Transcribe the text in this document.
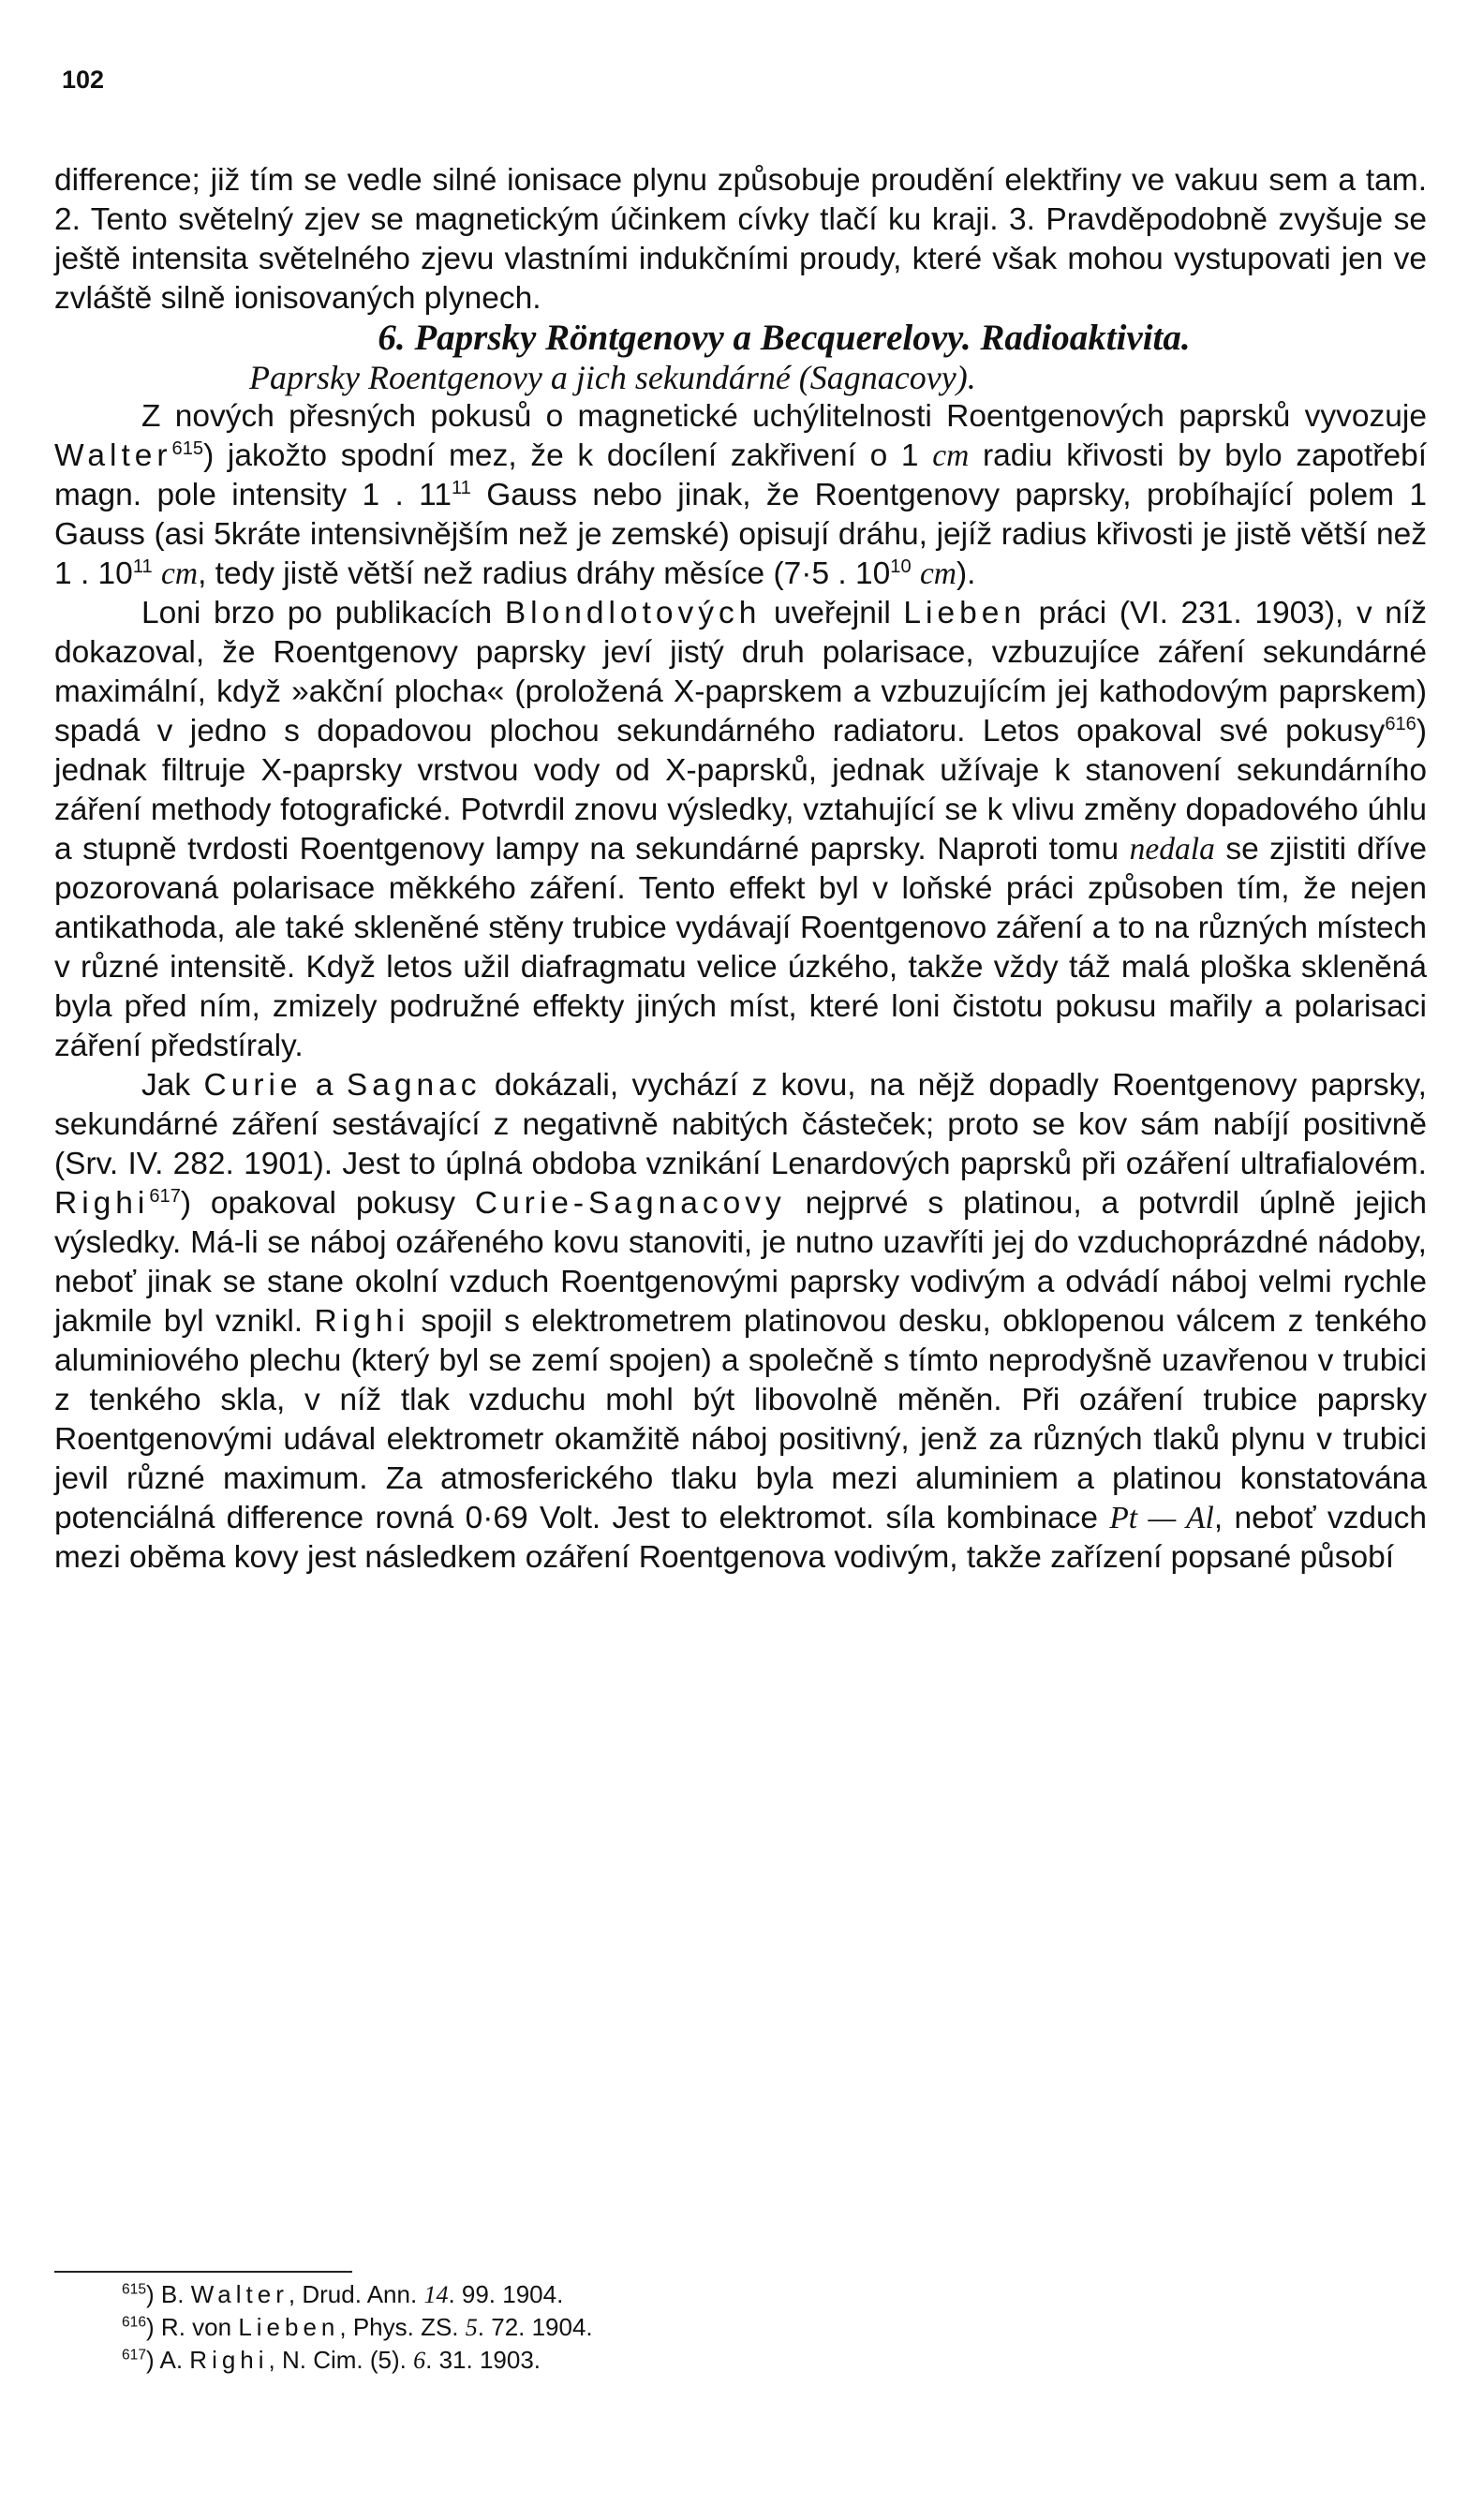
102

difference; již tím se vedle silné ionisace plynu způsobuje proudění elektřiny ve vakuu sem a tam. 2. Tento světelný zjev se magnetickým účinkem cívky tlačí ku kraji. 3. Pravděpodobně zvyšuje se ještě intensita světelného zjevu vlastními indukčními proudy, které však mohou vystupovati jen ve zvláště silně ionisovaných plynech.

6. Paprsky Röntgenovy a Becquerelovy. Radioaktivita.

Paprsky Roentgenovy a jich sekundárné (Sagnacovy).

Z nových přesných pokusů o magnetické uchýlitelnosti Roentgenových paprsků vyvozuje Walter$^{615}$) jakožto spodní mez, že k docílení zakřivení o 1 cm radiu křivosti by bylo zapotřebí magn. pole intensity 1 . $11^{11}$ Gauss nebo jinak, že Roentgenovy paprsky, probíhající polem 1 Gauss (asi 5kráte intensivnějším než je zemské) opisují dráhu, jejíž radius křivosti je jistě větší než 1 . $10^{11}$ cm, tedy jistě větší než radius dráhy měsíce (7·5 . $10^{10}$ cm).

Loni brzo po publikacích Blondlotových uveřejnil Lieben práci (VI. 231. 1903), v níž dokazoval, že Roentgenovy paprsky jeví jistý druh polarisace, vzbuzujíce záření sekundárné maximální, když »akční plocha« (proložená X-paprskem a vzbuzujícím jej kathodovým paprskem) spadá v jedno s dopadovou plochou sekundárného radiatoru. Letos opakoval své pokusy$^{616}$) jednak filtruje X-paprsky vrstvou vody od X-paprsků, jednak užívaje k stanovení sekundárního záření methody fotografické. Potvrdil znovu výsledky, vztahující se k vlivu změny dopadového úhlu a stupně tvrdosti Roentgenovy lampy na sekundárné paprsky. Naproti tomu nedala se zjistiti dříve pozorovaná polarisace měkkého záření. Tento effekt byl v loňské práci způsoben tím, že nejen antikathoda, ale také skleněné stěny trubice vydávají Roentgenovo záření a to na různých místech v různé intensitě. Když letos užil diafragmatu velice úzkého, takže vždy táž malá ploška skleněná byla před ním, zmizely podružné effekty jiných míst, které loni čistotu pokusu mařily a polarisaci záření předstíraly.

Jak Curie a Sagnac dokázali, vychází z kovu, na nějž dopadly Roentgenovy paprsky, sekundárné záření sestávající z negativně nabitých částeček; proto se kov sám nabíjí positivně (Srv. IV. 282. 1901). Jest to úplná obdoba vznikání Lenardových paprsků při ozáření ultrafialovém. Righi$^{617}$) opakoval pokusy Curie-Sagnacovy nejprvé s platinou, a potvrdil úplně jejich výsledky. Má-li se náboj ozářeného kovu stanoviti, je nutno uzavříti jej do vzduchoprázdné nádoby, neboť jinak se stane okolní vzduch Roentgenovými paprsky vodivým a odvádí náboj velmi rychle jakmile byl vznikl. Righi spojil s elektrometrem platinovou desku, obklopenou válcem z tenkého aluminiového plechu (který byl se zemí spojen) a společně s tímto neprodyšně uzavřenou v trubici z tenkého skla, v níž tlak vzduchu mohl být libovolně měněn. Při ozáření trubice paprsky Roentgenovými udával elektrometr okamžitě náboj positivný, jenž za různých tlaků plynu v trubici jevil různé maximum. Za atmosferického tlaku byla mezi aluminiem a platinou konstatována potenciálná difference rovná 0·69 Volt. Jest to elektromot. síla kombinace Pt — Al, neboť vzduch mezi oběma kovy jest následkem ozáření Roentgenova vodivým, takže zařízení popsané působí

$^{615}$) B. Walter, Drud. Ann. 14. 99. 1904.
$^{616}$) R. von Lieben, Phys. ZS. 5. 72. 1904.
$^{617}$) A. Righi, N. Cim. (5). 6. 31. 1903.
